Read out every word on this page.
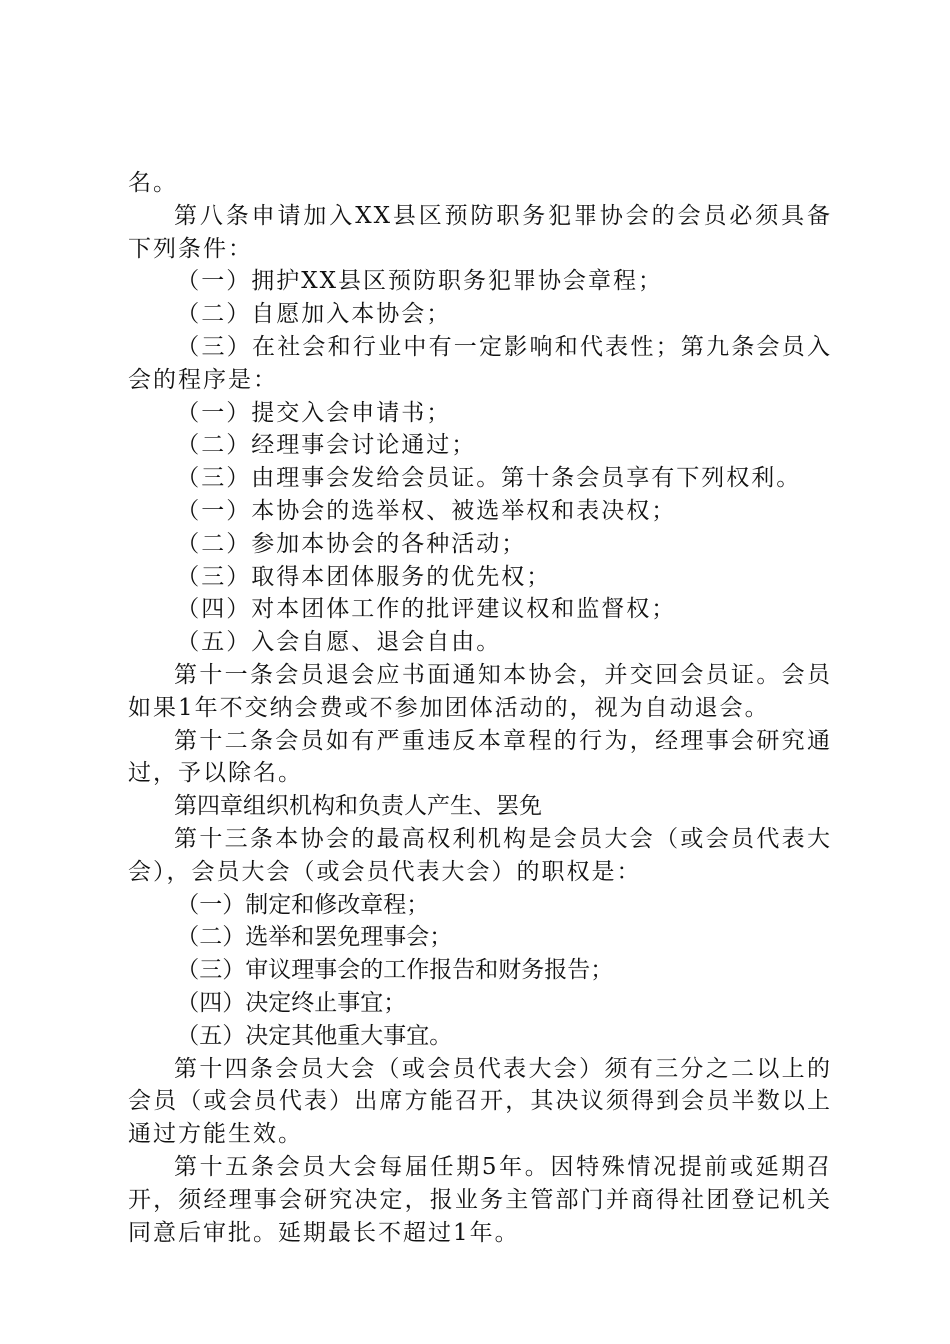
名。

第八条申请加入XX县区预防职务犯罪协会的会员必须具备下列条件：

（一）拥护XX县区预防职务犯罪协会章程；

（二）自愿加入本协会；

（三）在社会和行业中有一定影响和代表性；第九条会员入会的程序是：

（一）提交入会申请书；

（二）经理事会讨论通过；

（三）由理事会发给会员证。第十条会员享有下列权利。

（一）本协会的选举权、被选举权和表决权；

（二）参加本协会的各种活动；

（三）取得本团体服务的优先权；

（四）对本团体工作的批评建议权和监督权；

（五）入会自愿、退会自由。

第十一条会员退会应书面通知本协会，并交回会员证。会员如果1年不交纳会费或不参加团体活动的，视为自动退会。

第十二条会员如有严重违反本章程的行为，经理事会研究通过，予以除名。

第四章组织机构和负责人产生、罢免

第十三条本协会的最高权利机构是会员大会（或会员代表大会），会员大会（或会员代表大会）的职权是：

（一）制定和修改章程；

（二）选举和罢免理事会；

（三）审议理事会的工作报告和财务报告；

（四）决定终止事宜；

（五）决定其他重大事宜。

第十四条会员大会（或会员代表大会）须有三分之二以上的会员（或会员代表）出席方能召开，其决议须得到会员半数以上通过方能生效。

第十五条会员大会每届任期5年。因特殊情况提前或延期召开，须经理事会研究决定，报业务主管部门并商得社团登记机关同意后审批。延期最长不超过1年。
